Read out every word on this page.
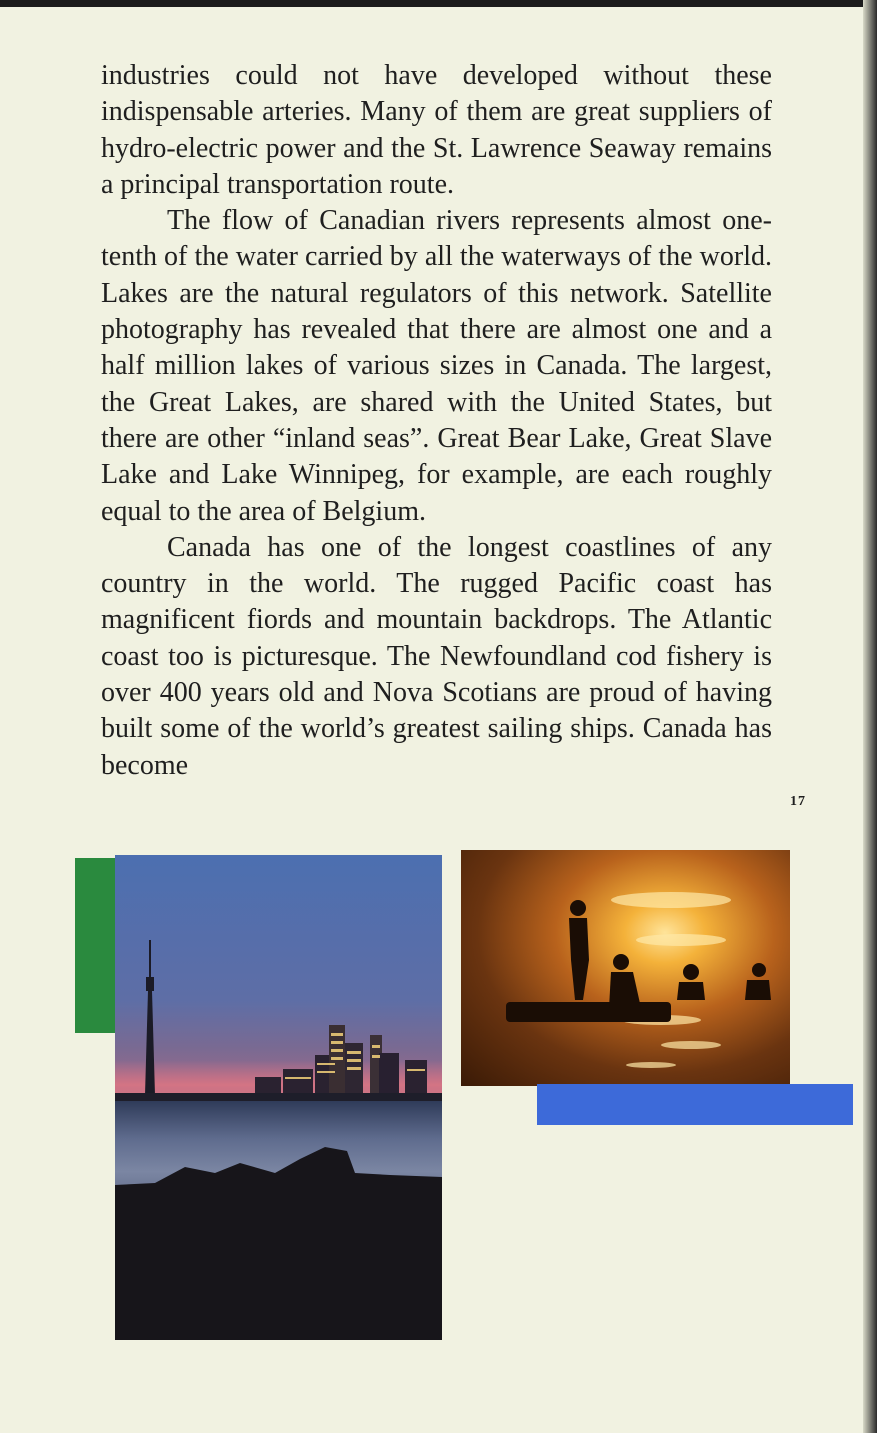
industries could not have developed without these indispensable arteries. Many of them are great suppliers of hydro-electric power and the St. Lawrence Seaway remains a principal transportation route.

The flow of Canadian rivers represents almost one-tenth of the water carried by all the waterways of the world. Lakes are the natural regulators of this network. Satellite photography has revealed that there are almost one and a half million lakes of various sizes in Canada. The largest, the Great Lakes, are shared with the United States, but there are other “inland seas”. Great Bear Lake, Great Slave Lake and Lake Winnipeg, for example, are each roughly equal to the area of Belgium.

Canada has one of the longest coastlines of any country in the world. The rugged Pacific coast has magnificent fiords and mountain backdrops. The Atlantic coast too is picturesque. The Newfoundland cod fishery is over 400 years old and Nova Scotians are proud of having built some of the world’s greatest sailing ships. Canada has become

17
